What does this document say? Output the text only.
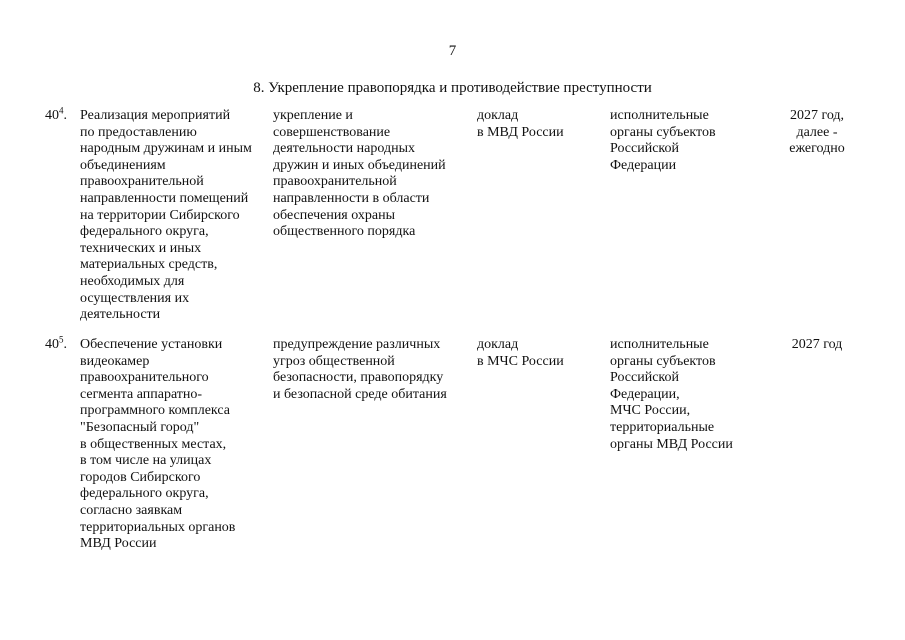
7
8. Укрепление правопорядка и противодействие преступности
$40^4$. Реализация мероприятий
по предоставлению
народным дружинам и иным
объединениям
правоохранительной
направленности помещений
на территории Сибирского
федерального округа,
технических и иных
материальных средств,
необходимых для
осуществления их
деятельности
укрепление и
совершенствование
деятельности народных
дружин и иных объединений
правоохранительной
направленности в области
обеспечения охраны
общественного порядка
доклад
в МВД России
исполнительные
органы субъектов
Российской
Федерации
2027 год,
далее -
ежегодно
$40^5$. Обеспечение установки
видеокамер
правоохранительного
сегмента аппаратно-
программного комплекса
"Безопасный город"
в общественных местах,
в том числе на улицах
городов Сибирского
федерального округа,
согласно заявкам
территориальных органов
МВД России
предупреждение различных
угроз общественной
безопасности, правопорядку
и безопасной среде обитания
доклад
в МЧС России
исполнительные
органы субъектов
Российской
Федерации,
МЧС России,
территориальные
органы МВД России
2027 год
